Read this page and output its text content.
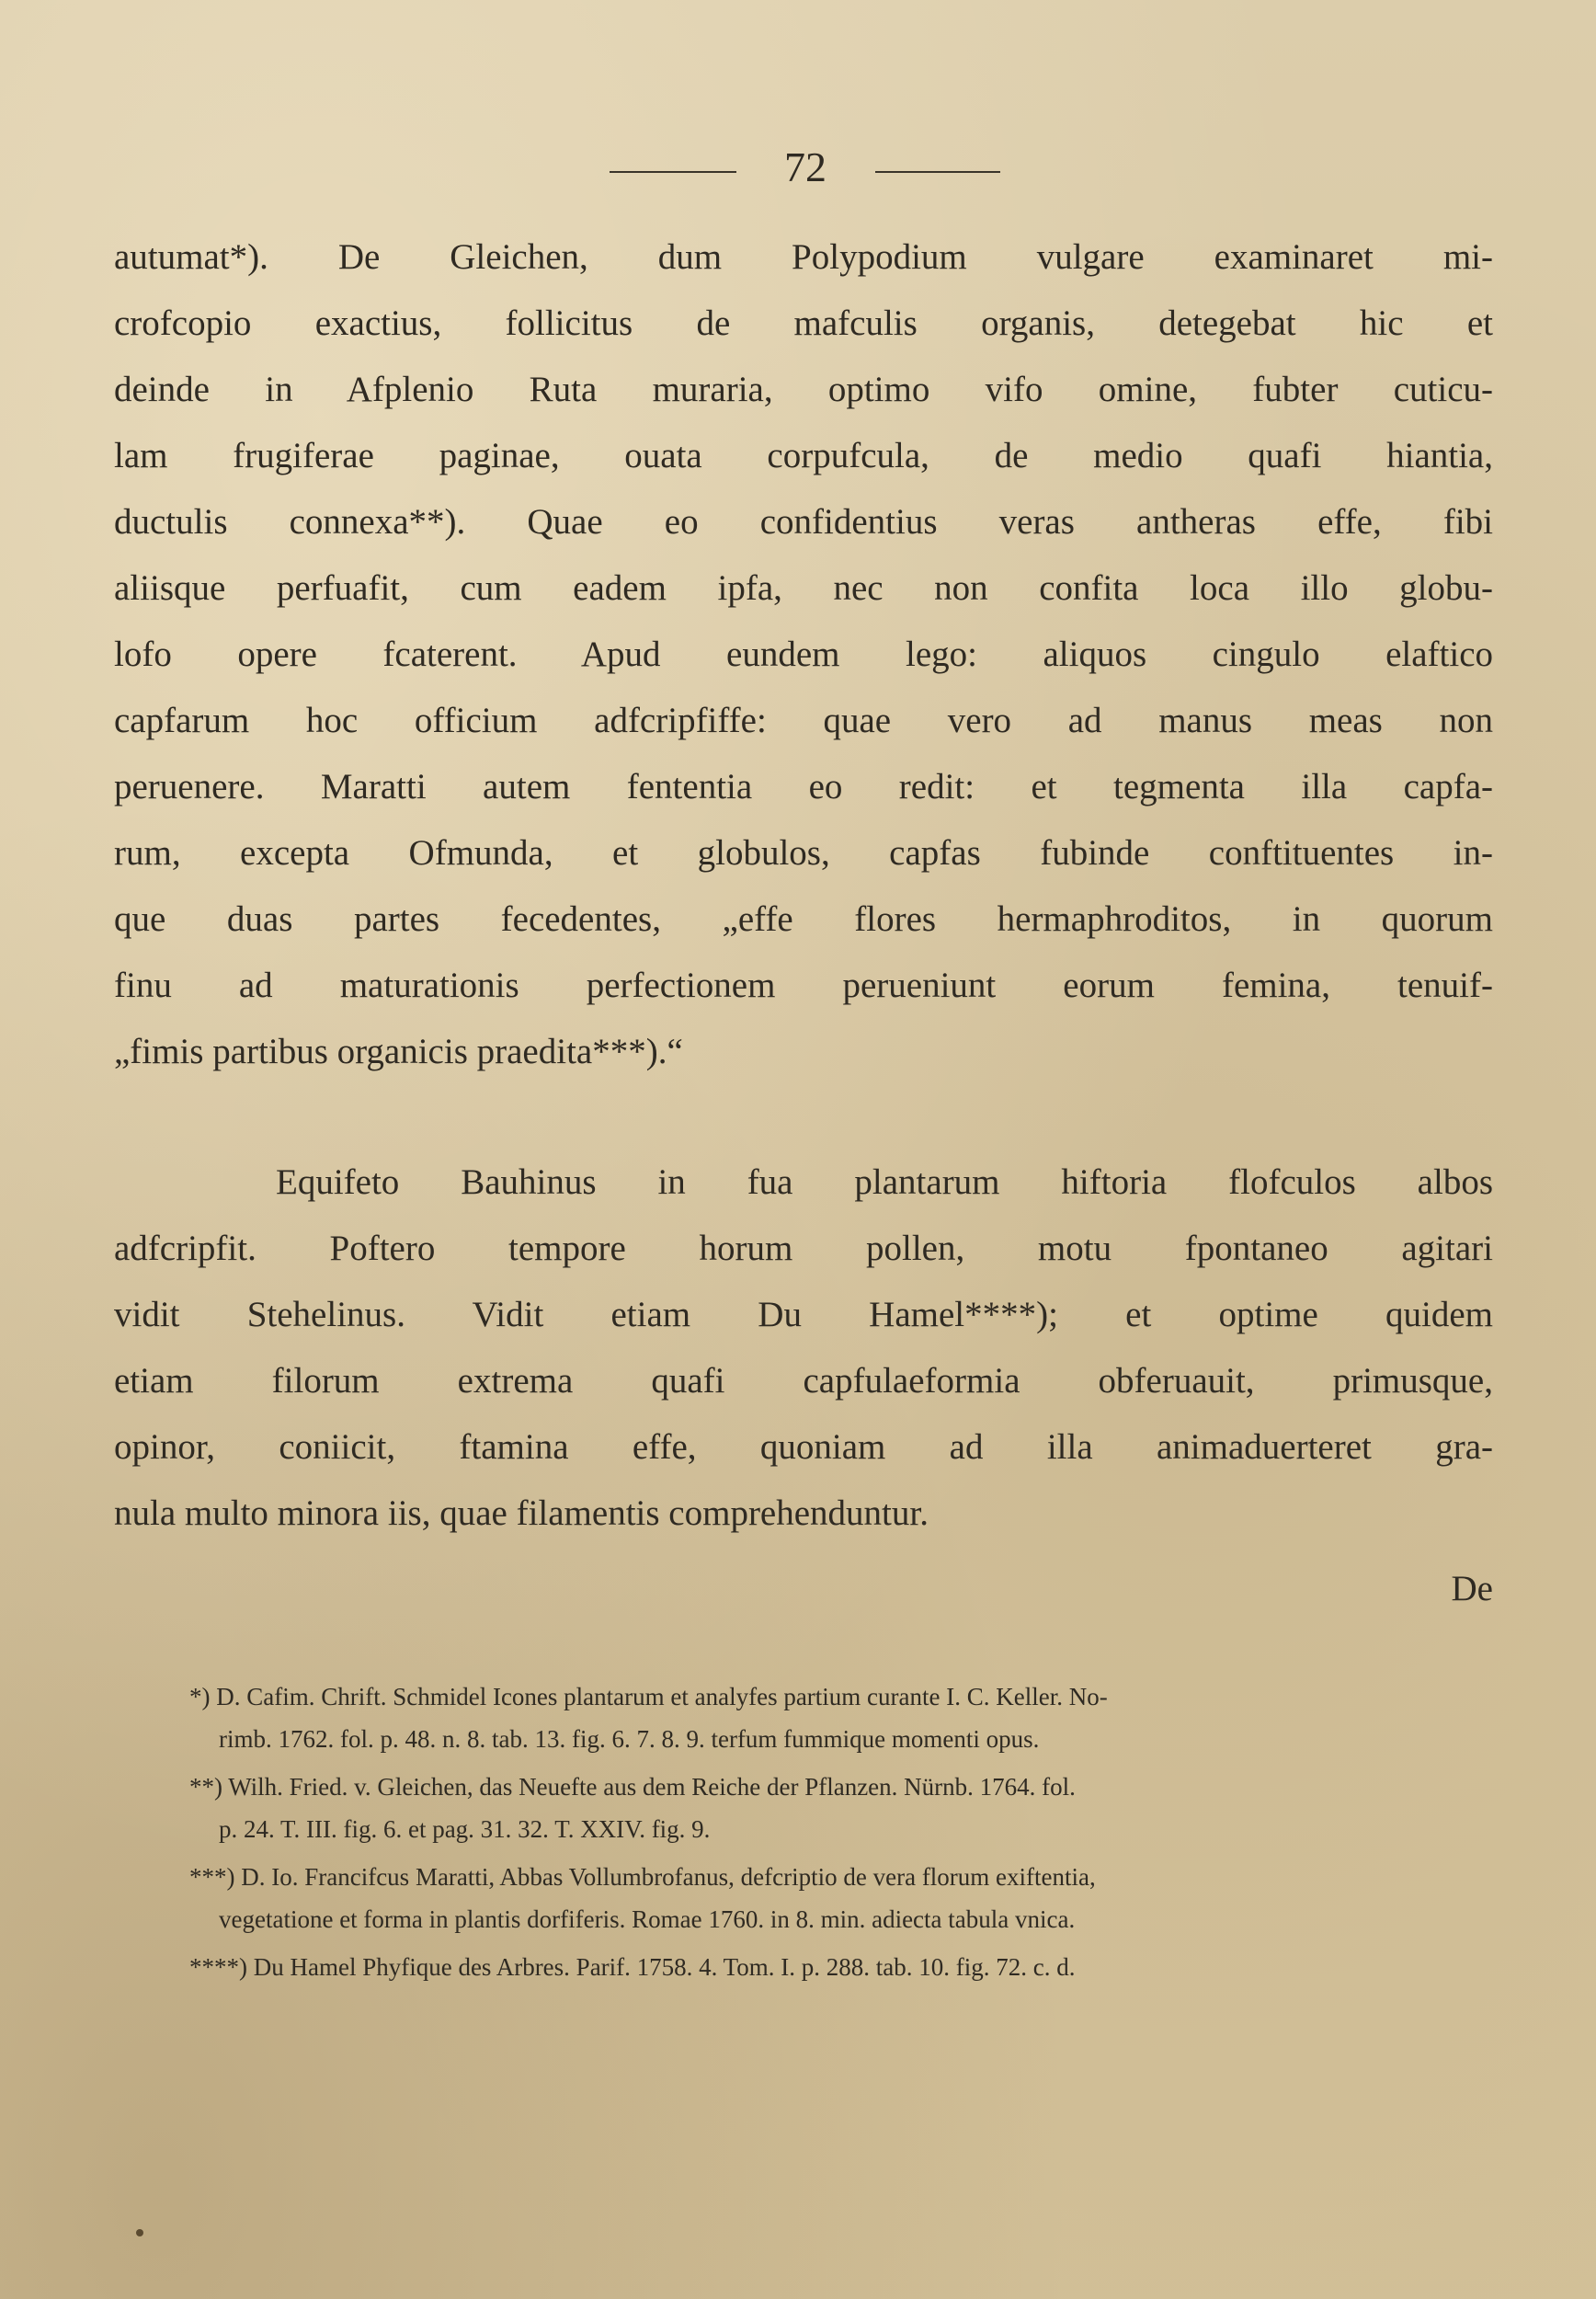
72

autumat*). De Gleichen, dum Polypodium vulgare examinaret mi-
crofcopio exactius, follicitus de mafculis organis, detegebat hic et
deinde in Afplenio Ruta muraria, optimo vifo omine, fubter cuticu-
lam frugiferae paginae, ouata corpufcula, de medio quafi hiantia,
ductulis connexa**). Quae eo confidentius veras antheras effe, fibi
aliisque perfuafit, cum eadem ipfa, nec non confita loca illo globu-
lofo opere fcaterent. Apud eundem lego: aliquos cingulo elaftico
capfarum hoc officium adfcripfiffe: quae vero ad manus meas non
peruenere. Maratti autem fententia eo redit: et tegmenta illa capfa-
rum, excepta Ofmunda, et globulos, capfas fubinde conftituentes in-
que duas partes fecedentes, „effe flores hermaphroditos, in quorum
finu ad maturationis perfectionem perueniunt eorum femina, tenuif-
„fimis partibus organicis praedita***).“

Equifeto Bauhinus in fua plantarum hiftoria flofculos albos
adfcripfit. Poftero tempore horum pollen, motu fpontaneo agitari
vidit Stehelinus. Vidit etiam Du Hamel****); et optime quidem
etiam filorum extrema quafi capfulaeformia obferuauit, primusque,
opinor, coniicit, ftamina effe, quoniam ad illa animaduerteret gra-
nula multo minora iis, quae filamentis comprehenduntur.

De

*) D. Cafim. Chrift. Schmidel Icones plantarum et analyfes partium curante I. C. Keller. No-
rimb. 1762. fol. p. 48. n. 8. tab. 13. fig. 6. 7. 8. 9. terfum fummique momenti opus.

**) Wilh. Fried. v. Gleichen, das Neuefte aus dem Reiche der Pflanzen. Nürnb. 1764. fol.
p. 24. T. III. fig. 6. et pag. 31. 32. T. XXIV. fig. 9.

***) D. Io. Francifcus Maratti, Abbas Vollumbrofanus, defcriptio de vera florum exiftentia,
vegetatione et forma in plantis dorfiferis. Romae 1760. in 8. min. adiecta tabula vnica.

****) Du Hamel Phyfique des Arbres. Parif. 1758. 4. Tom. I. p. 288. tab. 10. fig. 72. c. d.
